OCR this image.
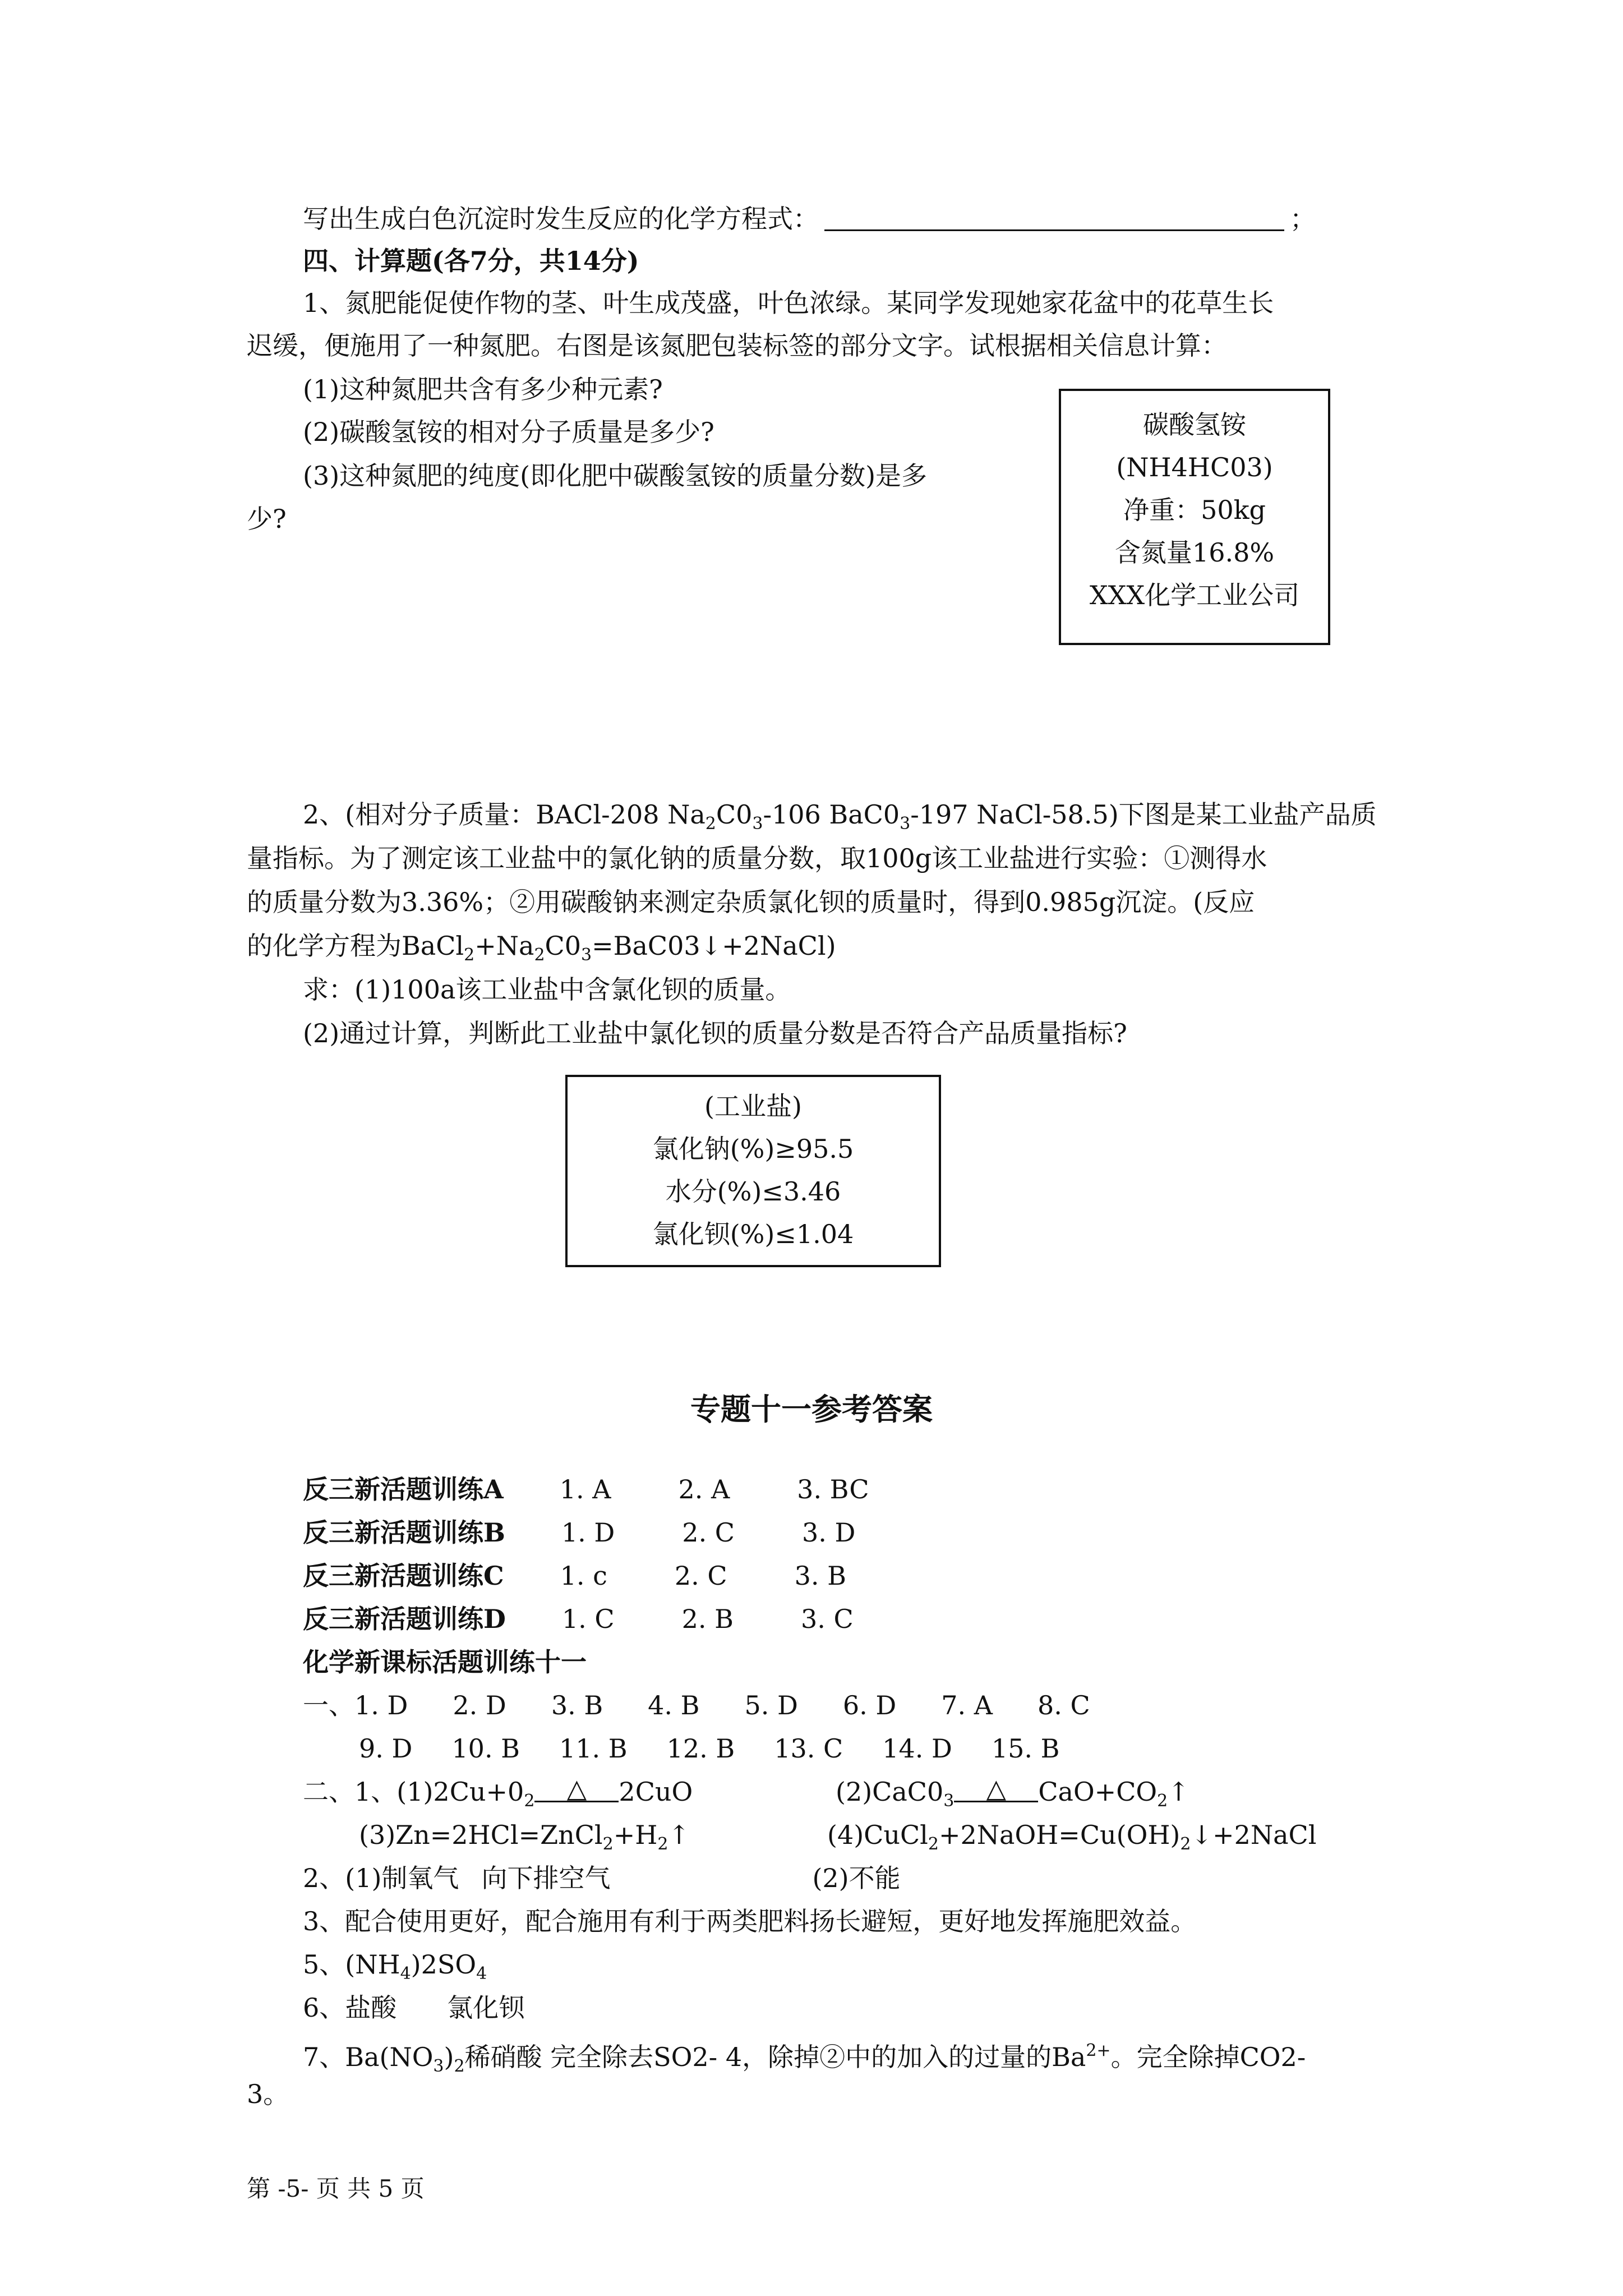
写出生成白色沉淀时发生反应的化学方程式：	；
四、计算题(各7分，共14分)
1、氮肥能促使作物的茎、叶生成茂盛，叶色浓绿。某同学发现她家花盆中的花草生长
迟缓，便施用了一种氮肥。右图是该氮肥包装标签的部分文字。试根据相关信息计算：
(1)这种氮肥共含有多少种元素?
(2)碳酸氢铵的相对分子质量是多少?
(3)这种氮肥的纯度(即化肥中碳酸氢铵的质量分数)是多
少?
碳酸氢铵
(NH4HC03)
净重：50kg
含氮量16.8%
XXX化学工业公司
2、(相对分子质量：BACl-208 $Na_2C0_3-106$ $BaC0_3-197$ NaCl-58.5)下图是某工业盐产品质
量指标。为了测定该工业盐中的氯化钠的质量分数，取100g该工业盐进行实验：①测得水
的质量分数为3.36%；②用碳酸钠来测定杂质氯化钡的质量时，得到0.985g沉淀。(反应
的化学方程为$BaCl_2+Na_2C0_3=BaC03$ ↓ +2NaCl)
求：(1)100a该工业盐中含氯化钡的质量。
(2)通过计算，判断此工业盐中氯化钡的质量分数是否符合产品质量指标?
(工业盐)
氯化钠(%)≥95.5
水分(%)≤3.46
氯化钡(%)≤1.04
专题十一参考答案
反三新活题训练A 1. A	2. A	3. BC
反三新活题训练B 1. D	2. C	3. D
反三新活题训练C 1. c	2. C	3. B
反三新活题训练D 1. C	2. B	3. C
化学新课标活题训练十一
一、1. D 2. D 3. B 4. B 5. D 6. D 7. A 8. C
9. D 10. B 11. B 12. B 13. C 14. D 15. B
二、1、$(1)2Cu+0_2$ △ 2CuO	$(2)CaC0_3$ △ $CaO+CO_2$ ↑
$(3)Zn=2HCl=ZnCl_2+H_2$ ↑	$(4)CuCl_2+2NaOH=Cu(OH)_2$ ↓ +2NaCl
2、(1)制氧气 向下排空气	(2)不能
3、配合使用更好，配合施用有利于两类肥料扬长避短，更好地发挥施肥效益。
5、$(NH_4)2SO_4$
6、盐酸 氯化钡
7、$Ba(NO_3)_2$稀硝酸 完全除去SO2- 4，除掉②中的加入的过量的$Ba^{2+}$。完全除掉CO2-
3。
第 -5- 页 共 5 页
